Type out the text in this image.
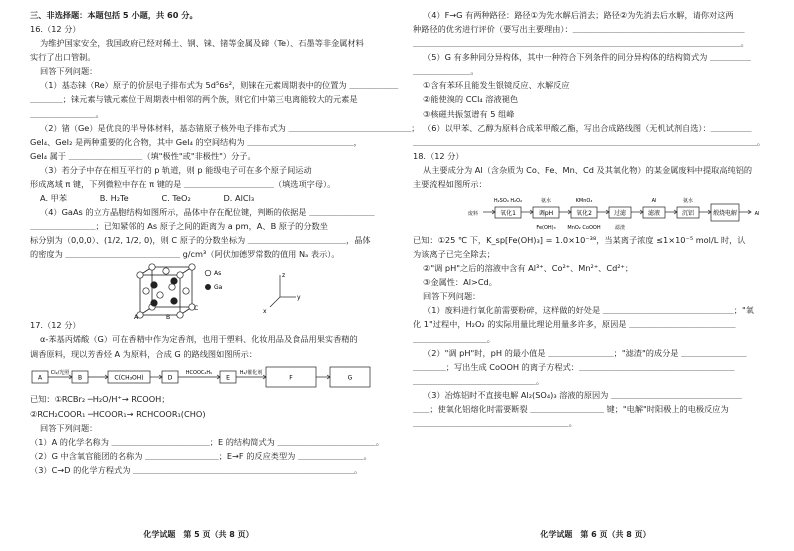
三、非选择题：本题包括 5 小题，共 60 分。
16.（12 分）
为维护国家安全，我国政府已经对稀土、钢、铼、锗等金属及碲（Te）、石墨等非金属材料
实行了出口管制。
回答下列问题：
（1）基态铼（Re）原子的价层电子排布式为 5d⁵6s²，则铼在元素周期表中的位置为 ＿＿＿＿＿＿
＿＿＿＿；铼元素与锇元素位于周期表中相邻的两个族，则它们中第三电离能较大的元素是
＿＿＿＿＿＿＿＿。
（2）锗（Ge）是优良的半导体材料，基态锗原子核外电子排布式为 ＿＿＿＿＿＿＿＿＿＿＿＿＿＿＿；
GeI₄、GeI₂ 是两种重要的化合物，其中 GeI₄ 的空间结构为 ＿＿＿＿＿＿＿＿＿＿＿＿＿，
GeI₄ 属于 ＿＿＿＿＿＿＿＿＿（填"极性"或"非极性"）分子。
（3）若分子中存在相互平行的 p 轨道，则 p 能级电子可在多个原子间运动
形成离域 π 键，下列微粒中存在 π 键的是 ＿＿＿＿＿＿＿＿＿＿＿（填选项字母）。
A. 甲苯　　　　B. H₂Te　　　　C. TeO₂　　　　D. AlCl₃
（4）GaAs 的立方晶胞结构如图所示，晶体中存在配位键，判断的依据是 ＿＿＿＿＿＿＿＿
＿＿＿＿＿＿＿＿；已知紧邻的 As 原子之间的距离为 a pm，A、B 原子的分数坐
标分别为（0,0,0）、(1/2, 1/2, 0)，则 C 原子的分数坐标为 ＿＿＿＿＿＿＿＿＿＿＿＿，晶体
的密度为 ＿＿＿＿＿＿＿＿＿＿＿＿＿＿ g/cm³（阿伏加德罗常数的值用 Nₐ 表示）。
A	B
C
As
Ga
z
y
x
17.（12 分）
α-苯基丙烯酸（G）可在香精中作为定香剂，也用于塑料、化妆用品及食品用果实香精的
调香原料，现以芳香烃 A 为原料，合成 G 的路线图如图所示：
A
Cl₂/光照
B	C(CH₃OH)	D
HCOOC₂H₅
E
H₂/催化剂
F	G
已知：①RCBr₂ ─H₂O/H⁺→ RCOOH；
②RCH₂COOR₁ ─HCOOR₁→ RCHCOOR₁(CHO)
回答下列问题：
（1）A 的化学名称为 ＿＿＿＿＿＿＿＿＿＿＿＿；E 的结构简式为 ＿＿＿＿＿＿＿＿＿＿＿＿。
（2）G 中含氧官能团的名称为 ＿＿＿＿＿＿＿＿＿；E→F 的反应类型为 ＿＿＿＿＿＿＿＿。
（3）C→D 的化学方程式为 ＿＿＿＿＿＿＿＿＿＿＿＿＿＿＿＿＿＿＿＿＿＿＿＿＿＿＿。
化学试题　第 5 页（共 8 页）
（4）F→G 有两种路径：路径①为先水解后消去；路径②为先消去后水解，请你对这两
种路径的优劣进行评价（要写出主要理由）：＿＿＿＿＿＿＿＿＿＿＿＿＿＿＿＿＿＿＿＿＿
＿＿＿＿＿＿＿＿＿＿＿＿＿＿＿＿＿＿＿＿＿＿＿＿＿＿＿＿＿＿＿＿＿＿＿＿＿＿＿＿。
（5）G 有多种同分异构体，其中一种符合下列条件的同分异构体的结构简式为 ＿＿＿＿＿
＿＿＿＿＿＿＿。
①含有苯环且能发生银镜反应、水解反应
②能使溴的 CCl₄ 溶液褪色
③核磁共振氢谱有 5 组峰
（6）以甲苯、乙醇为原料合成苯甲酸乙酯，写出合成路线图（无机试剂自选）：＿＿＿＿＿
＿＿＿＿＿＿＿＿＿＿＿＿＿＿＿＿＿＿＿＿＿＿＿＿＿＿＿＿＿＿＿＿＿＿＿＿＿＿＿＿＿＿。
18.（12 分）
从主要成分为 Al（含杂质为 Co、Fe、Mn、Cd 及其氧化物）的某金属废料中提取高纯铝的
主要流程如图所示：
废料	氧化1	调pH	氧化2	过滤	滤液	沉铝	煅烧电解	Al
H₂SO₄ H₂O₂	氨水	KMnO₄	Al	氨水
Fe(OH)₃ MnO₂ CoOOH	滤渣
已知：①25 ℃ 下，K_sp[Fe(OH)₃] = 1.0×10⁻³⁸，当某离子浓度 ≤1×10⁻⁵ mol/L 时，认
为该离子已完全除去；
②"调 pH"之后的溶液中含有 Al³⁺、Co²⁺、Mn²⁺、Cd²⁺；
③金属性：Al>Cd。
回答下列问题：
（1）废料进行氧化前需要粉碎，这样做的好处是 ＿＿＿＿＿＿＿＿＿＿＿＿＿＿＿＿；"氧
化 1"过程中，H₂O₂ 的实际用量比理论用量多许多，原因是 ＿＿＿＿＿＿＿＿＿＿＿＿＿
＿＿＿＿＿＿＿＿＿。
（2）"调 pH"时，pH 的最小值是 ＿＿＿＿＿＿＿＿；"滤渣"的成分是 ＿＿＿＿＿＿＿＿
＿＿＿＿；写出生成 CoOOH 的离子方程式：＿＿＿＿＿＿＿＿＿＿＿＿＿＿＿＿＿＿＿
＿＿＿＿＿＿＿＿＿＿＿＿＿＿＿。
（3）冶炼铝时不直接电解 Al₂(SO₄)₃ 溶液的原因为 ＿＿＿＿＿＿＿＿＿＿＿＿＿＿＿＿
＿＿；使氧化铝熔化时需要断裂 ＿＿＿＿＿＿＿＿＿ 键；"电解"时阳极上的电极反应为
＿＿＿＿＿＿＿＿＿＿＿＿＿＿＿＿＿＿＿。
化学试题　第 6 页（共 8 页）
